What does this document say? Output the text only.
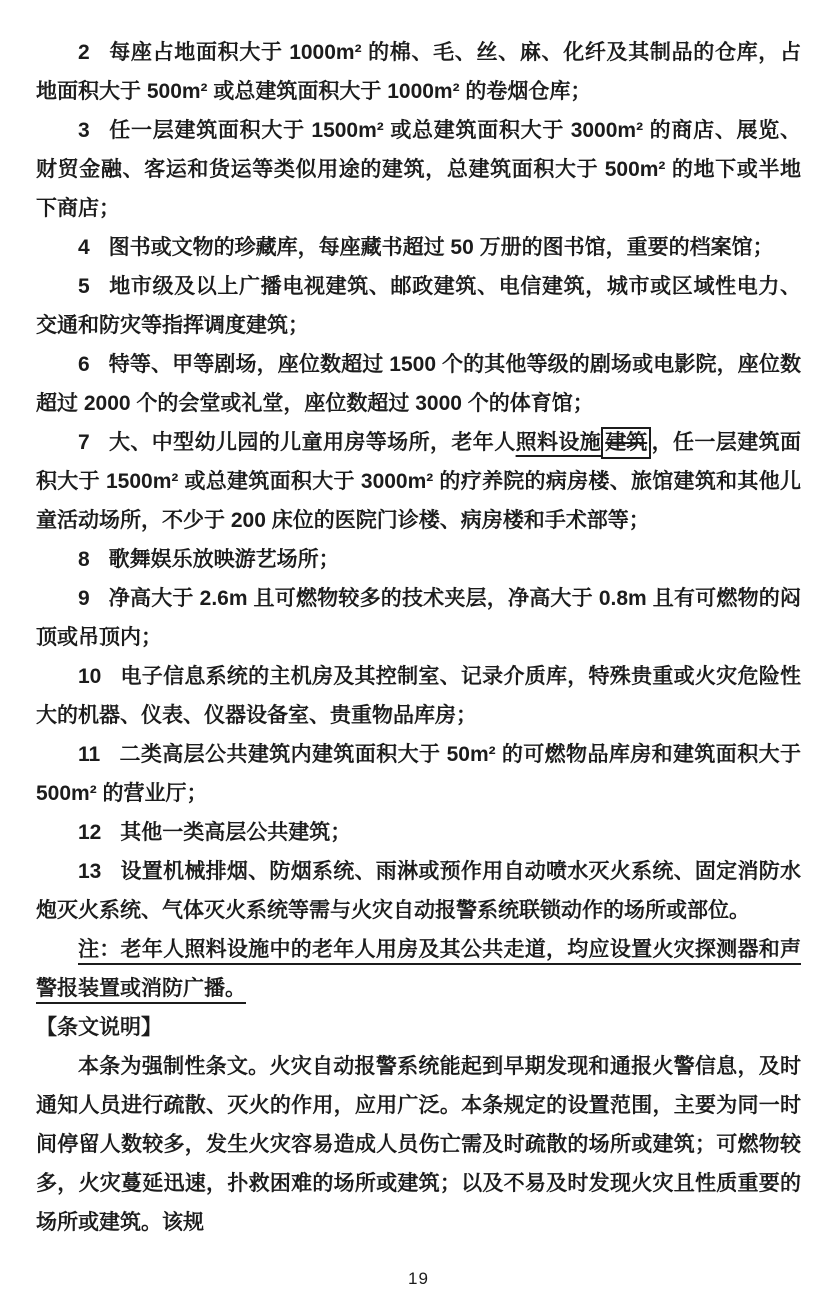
2 每座占地面积大于 1000m² 的棉、毛、丝、麻、化纤及其制品的仓库，占地面积大于 500m² 或总建筑面积大于 1000m² 的卷烟仓库；

3 任一层建筑面积大于 1500m² 或总建筑面积大于 3000m² 的商店、展览、财贸金融、客运和货运等类似用途的建筑，总建筑面积大于 500m² 的地下或半地下商店；

4 图书或文物的珍藏库，每座藏书超过 50 万册的图书馆，重要的档案馆；

5 地市级及以上广播电视建筑、邮政建筑、电信建筑，城市或区域性电力、交通和防灾等指挥调度建筑；

6 特等、甲等剧场，座位数超过 1500 个的其他等级的剧场或电影院，座位数超过 2000 个的会堂或礼堂，座位数超过 3000 个的体育馆；

7 大、中型幼儿园的儿童用房等场所，老年人照料设施 建筑 ，任一层建筑面积大于 1500m² 或总建筑面积大于 3000m² 的疗养院的病房楼、旅馆建筑和其他儿童活动场所，不少于 200 床位的医院门诊楼、病房楼和手术部等；

8 歌舞娱乐放映游艺场所；

9 净高大于 2.6m 且可燃物较多的技术夹层，净高大于 0.8m 且有可燃物的闷顶或吊顶内；

10 电子信息系统的主机房及其控制室、记录介质库，特殊贵重或火灾危险性大的机器、仪表、仪器设备室、贵重物品库房；

11 二类高层公共建筑内建筑面积大于 50m² 的可燃物品库房和建筑面积大于 500m² 的营业厅；

12 其他一类高层公共建筑；

13 设置机械排烟、防烟系统、雨淋或预作用自动喷水灭火系统、固定消防水炮灭火系统、气体灭火系统等需与火灾自动报警系统联锁动作的场所或部位。

注：老年人照料设施中的老年人用房及其公共走道，均应设置火灾探测器和声警报装置或消防广播。

【条文说明】

本条为强制性条文。火灾自动报警系统能起到早期发现和通报火警信息，及时通知人员进行疏散、灭火的作用，应用广泛。本条规定的设置范围，主要为同一时间停留人数较多，发生火灾容易造成人员伤亡需及时疏散的场所或建筑；可燃物较多，火灾蔓延迅速，扑救困难的场所或建筑；以及不易及时发现火灾且性质重要的场所或建筑。该规

19
